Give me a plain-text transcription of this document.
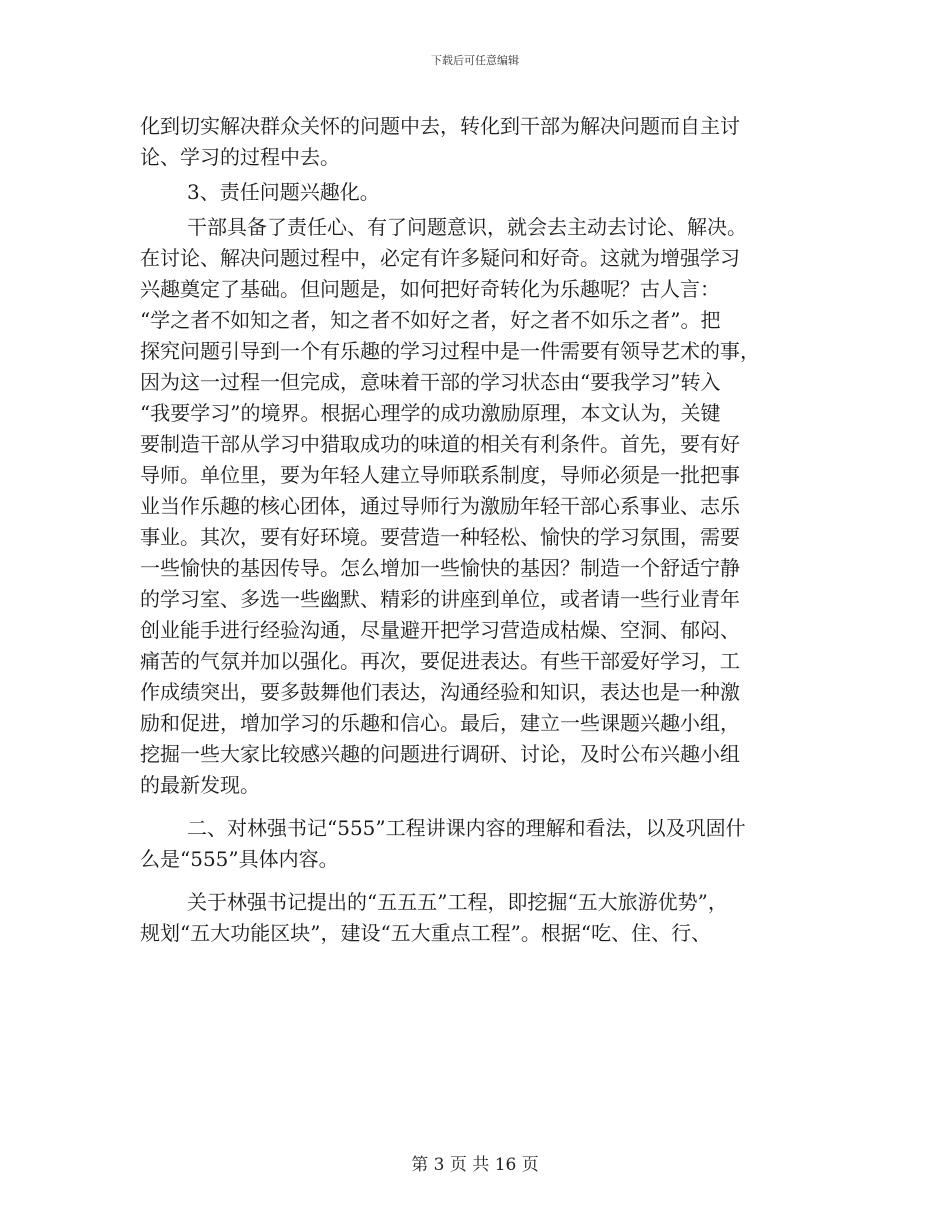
下载后可任意编辑
化到切实解决群众关怀的问题中去，转化到干部为解决问题而自主讨
论、学习的过程中去。
3、责任问题兴趣化。
干部具备了责任心、有了问题意识，就会去主动去讨论、解决。
在讨论、解决问题过程中，必定有许多疑问和好奇。这就为增强学习
兴趣奠定了基础。但问题是，如何把好奇转化为乐趣呢？古人言：
“学之者不如知之者，知之者不如好之者，好之者不如乐之者”。把
探究问题引导到一个有乐趣的学习过程中是一件需要有领导艺术的事，
因为这一过程一但完成，意味着干部的学习状态由“要我学习”转入
“我要学习”的境界。根据心理学的成功激励原理，本文认为，关键
要制造干部从学习中猎取成功的味道的相关有利条件。首先，要有好
导师。单位里，要为年轻人建立导师联系制度，导师必须是一批把事
业当作乐趣的核心团体，通过导师行为激励年轻干部心系事业、志乐
事业。其次，要有好环境。要营造一种轻松、愉快的学习氛围，需要
一些愉快的基因传导。怎么增加一些愉快的基因？制造一个舒适宁静
的学习室、多选一些幽默、精彩的讲座到单位，或者请一些行业青年
创业能手进行经验沟通，尽量避开把学习营造成枯燥、空洞、郁闷、
痛苦的气氛并加以强化。再次，要促进表达。有些干部爱好学习，工
作成绩突出，要多鼓舞他们表达，沟通经验和知识，表达也是一种激
励和促进，增加学习的乐趣和信心。最后，建立一些课题兴趣小组，
挖掘一些大家比较感兴趣的问题进行调研、讨论，及时公布兴趣小组
的最新发现。
二、对林强书记“555”工程讲课内容的理解和看法，以及巩固什
么是“555”具体内容。
关于林强书记提出的“五五五”工程，即挖掘“五大旅游优势”，
规划“五大功能区块”，建设“五大重点工程”。根据“吃、住、行、
第 3 页 共 16 页
